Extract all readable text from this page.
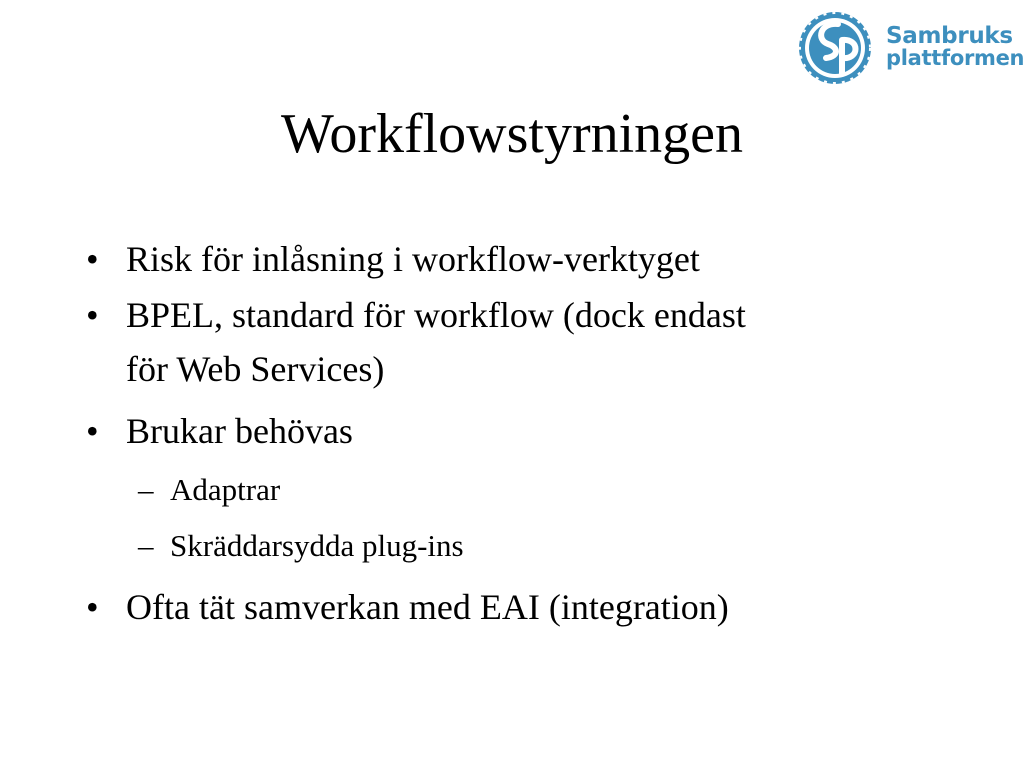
Sambruks
plattformen
Workflowstyrningen
• Risk för inlåsning i workflow-verktyget
• BPEL, standard för workflow (dock endast
för Web Services)
• Brukar behövas
– Adaptrar
– Skräddarsydda plug-ins
• Ofta tät samverkan med EAI (integration)
